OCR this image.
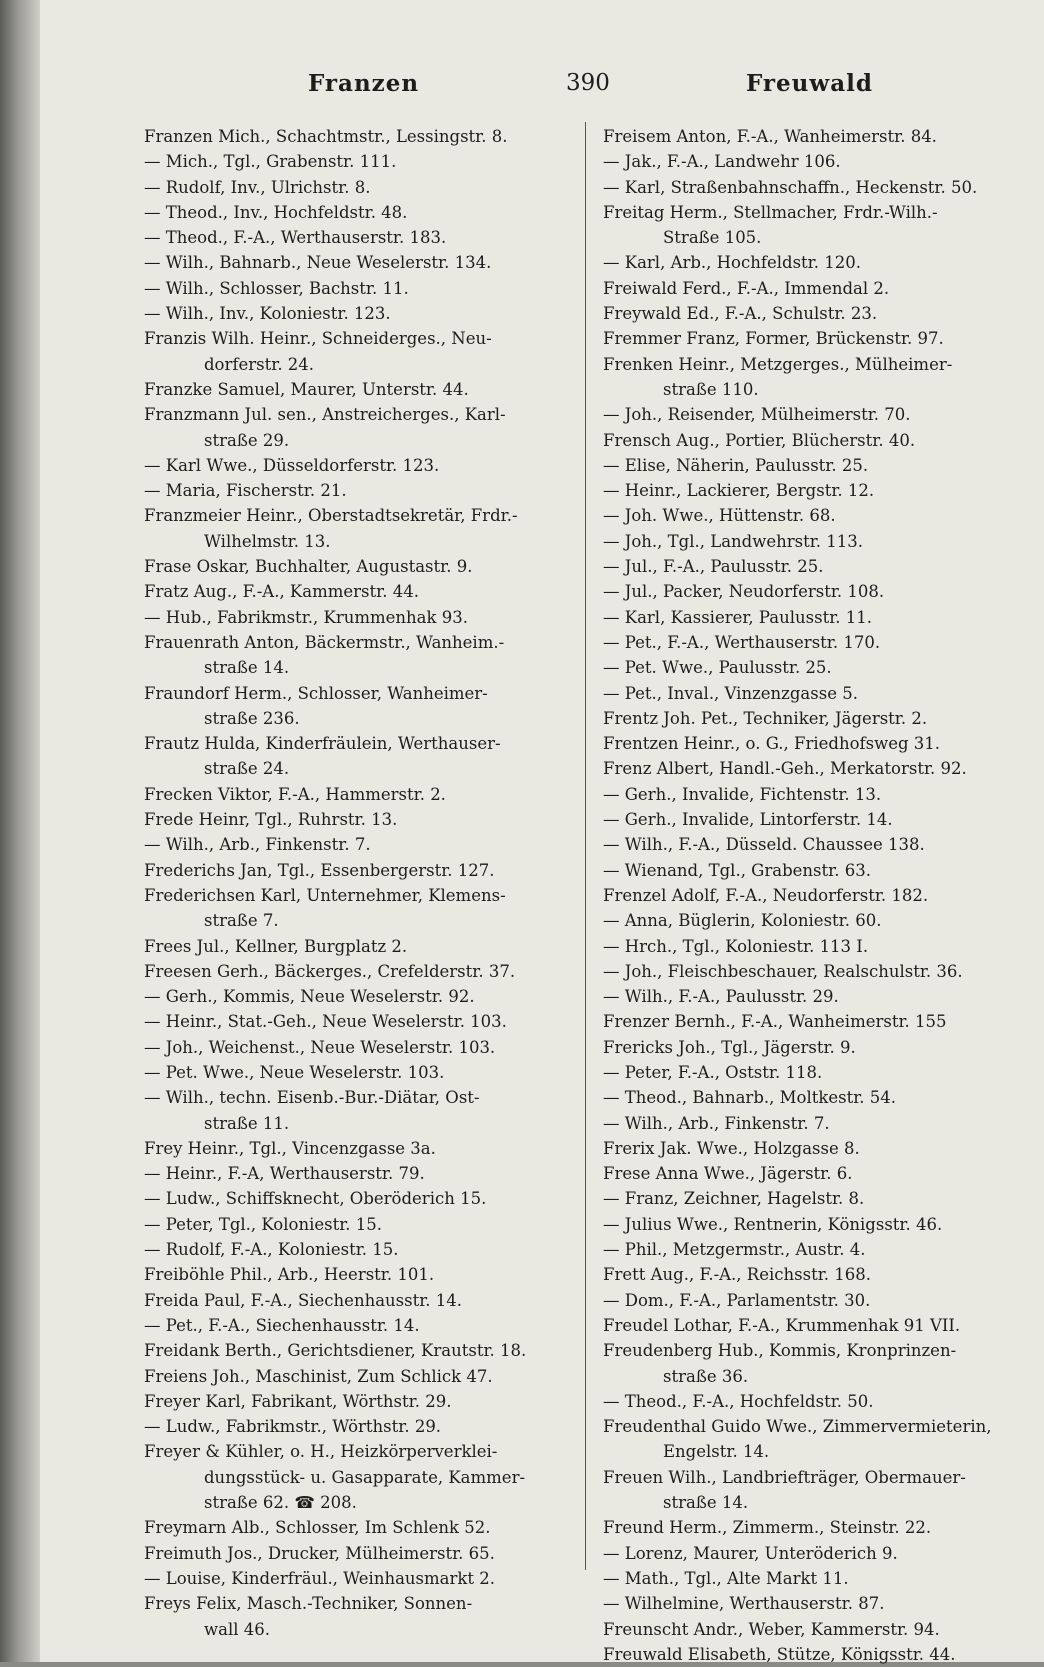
Franzen	390	Freuwald
Franzen Mich., Schachtmstr., Lessingstr. 8.
— Mich., Tgl., Grabenstr. 111.
— Rudolf, Inv., Ulrichstr. 8.
— Theod., Inv., Hochfeldstr. 48.
— Theod., F.-A., Werthauserstr. 183.
— Wilh., Bahnarb., Neue Weselerstr. 134.
— Wilh., Schlosser, Bachstr. 11.
— Wilh., Inv., Koloniestr. 123.
Franzis Wilh. Heinr., Schneiderges., Neu-
dorferstr. 24.
Franzke Samuel, Maurer, Unterstr. 44.
Franzmann Jul. sen., Anstreicherges., Karl-
straße 29.
— Karl Wwe., Düsseldorferstr. 123.
— Maria, Fischerstr. 21.
Franzmeier Heinr., Oberstadtsekretär, Frdr.-
Wilhelmstr. 13.
Frase Oskar, Buchhalter, Augustastr. 9.
Fratz Aug., F.-A., Kammerstr. 44.
— Hub., Fabrikmstr., Krummenhak 93.
Frauenrath Anton, Bäckermstr., Wanheim.-
straße 14.
Fraundorf Herm., Schlosser, Wanheimer-
straße 236.
Frautz Hulda, Kinderfräulein, Werthauser-
straße 24.
Frecken Viktor, F.-A., Hammerstr. 2.
Frede Heinr, Tgl., Ruhrstr. 13.
— Wilh., Arb., Finkenstr. 7.
Frederichs Jan, Tgl., Essenbergerstr. 127.
Frederichsen Karl, Unternehmer, Klemens-
straße 7.
Frees Jul., Kellner, Burgplatz 2.
Freesen Gerh., Bäckerges., Crefelderstr. 37.
— Gerh., Kommis, Neue Weselerstr. 92.
— Heinr., Stat.-Geh., Neue Weselerstr. 103.
— Joh., Weichenst., Neue Weselerstr. 103.
— Pet. Wwe., Neue Weselerstr. 103.
— Wilh., techn. Eisenb.-Bur.-Diätar, Ost-
straße 11.
Frey Heinr., Tgl., Vincenzgasse 3a.
— Heinr., F.-A, Werthauserstr. 79.
— Ludw., Schiffsknecht, Oberöderich 15.
— Peter, Tgl., Koloniestr. 15.
— Rudolf, F.-A., Koloniestr. 15.
Freiböhle Phil., Arb., Heerstr. 101.
Freida Paul, F.-A., Siechenhausstr. 14.
— Pet., F.-A., Siechenhausstr. 14.
Freidank Berth., Gerichtsdiener, Krautstr. 18.
Freiens Joh., Maschinist, Zum Schlick 47.
Freyer Karl, Fabrikant, Wörthstr. 29.
— Ludw., Fabrikmstr., Wörthstr. 29.
Freyer & Kühler, o. H., Heizkörperverklei-
dungsstück- u. Gasapparate, Kammer-
straße 62. ☎ 208.
Freymarn Alb., Schlosser, Im Schlenk 52.
Freimuth Jos., Drucker, Mülheimerstr. 65.
— Louise, Kinderfräul., Weinhausmarkt 2.
Freys Felix, Masch.-Techniker, Sonnen-
wall 46.
Freisem Anton, F.-A., Wanheimerstr. 84.
— Jak., F.-A., Landwehr 106.
— Karl, Straßenbahnschaffn., Heckenstr. 50.
Freitag Herm., Stellmacher, Frdr.-Wilh.-
Straße 105.
— Karl, Arb., Hochfeldstr. 120.
Freiwald Ferd., F.-A., Immendal 2.
Freywald Ed., F.-A., Schulstr. 23.
Fremmer Franz, Former, Brückenstr. 97.
Frenken Heinr., Metzgerges., Mülheimer-
straße 110.
— Joh., Reisender, Mülheimerstr. 70.
Frensch Aug., Portier, Blücherstr. 40.
— Elise, Näherin, Paulusstr. 25.
— Heinr., Lackierer, Bergstr. 12.
— Joh. Wwe., Hüttenstr. 68.
— Joh., Tgl., Landwehrstr. 113.
— Jul., F.-A., Paulusstr. 25.
— Jul., Packer, Neudorferstr. 108.
— Karl, Kassierer, Paulusstr. 11.
— Pet., F.-A., Werthauserstr. 170.
— Pet. Wwe., Paulusstr. 25.
— Pet., Inval., Vinzenzgasse 5.
Frentz Joh. Pet., Techniker, Jägerstr. 2.
Frentzen Heinr., o. G., Friedhofsweg 31.
Frenz Albert, Handl.-Geh., Merkatorstr. 92.
— Gerh., Invalide, Fichtenstr. 13.
— Gerh., Invalide, Lintorferstr. 14.
— Wilh., F.-A., Düsseld. Chaussee 138.
— Wienand, Tgl., Grabenstr. 63.
Frenzel Adolf, F.-A., Neudorferstr. 182.
— Anna, Büglerin, Koloniestr. 60.
— Hrch., Tgl., Koloniestr. 113 I.
— Joh., Fleischbeschauer, Realschulstr. 36.
— Wilh., F.-A., Paulusstr. 29.
Frenzer Bernh., F.-A., Wanheimerstr. 155
Frericks Joh., Tgl., Jägerstr. 9.
— Peter, F.-A., Oststr. 118.
— Theod., Bahnarb., Moltkestr. 54.
— Wilh., Arb., Finkenstr. 7.
Frerix Jak. Wwe., Holzgasse 8.
Frese Anna Wwe., Jägerstr. 6.
— Franz, Zeichner, Hagelstr. 8.
— Julius Wwe., Rentnerin, Königsstr. 46.
— Phil., Metzgermstr., Austr. 4.
Frett Aug., F.-A., Reichsstr. 168.
— Dom., F.-A., Parlamentstr. 30.
Freudel Lothar, F.-A., Krummenhak 91 VII.
Freudenberg Hub., Kommis, Kronprinzen-
straße 36.
— Theod., F.-A., Hochfeldstr. 50.
Freudenthal Guido Wwe., Zimmervermieterin,
Engelstr. 14.
Freuen Wilh., Landbriefträger, Obermauer-
straße 14.
Freund Herm., Zimmerm., Steinstr. 22.
— Lorenz, Maurer, Unteröderich 9.
— Math., Tgl., Alte Markt 11.
— Wilhelmine, Werthauserstr. 87.
Freunscht Andr., Weber, Kammerstr. 94.
Freuwald Elisabeth, Stütze, Königsstr. 44.
